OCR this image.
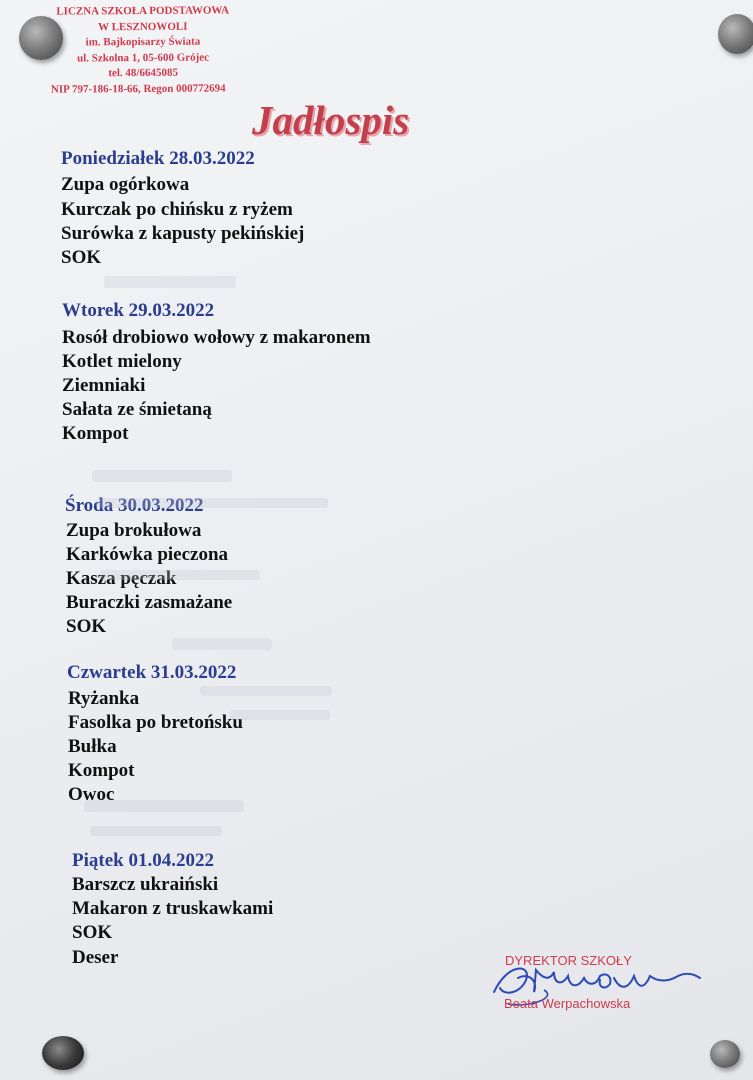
LICZNA SZKOŁA PODSTAWOWA
W LESZNOWOLI
im. Bajkopisarzy Świata
ul. Szkolna 1, 05-600 Grójec
tel. 48/6645085
NIP 797-186-18-66, Regon 000772694
Jadłospis
Poniedziałek 28.03.2022
Zupa ogórkowa
Kurczak po chińsku z ryżem
Surówka z kapusty pekińskiej
SOK
Wtorek 29.03.2022
Rosół drobiowo wołowy z makaronem
Kotlet mielony
Ziemniaki
Sałata ze śmietaną
Kompot
Środa 30.03.2022
Zupa brokułowa
Karkówka pieczona
Kasza pęczak
Buraczki zasmażane
SOK
Czwartek 31.03.2022
Ryżanka
Fasolka po bretońsku
Bułka
Kompot
Owoc
Piątek 01.04.2022
Barszcz ukraiński
Makaron z truskawkami
SOK
Deser	DYREKTOR SZKOŁY
Beata Werpachowska
